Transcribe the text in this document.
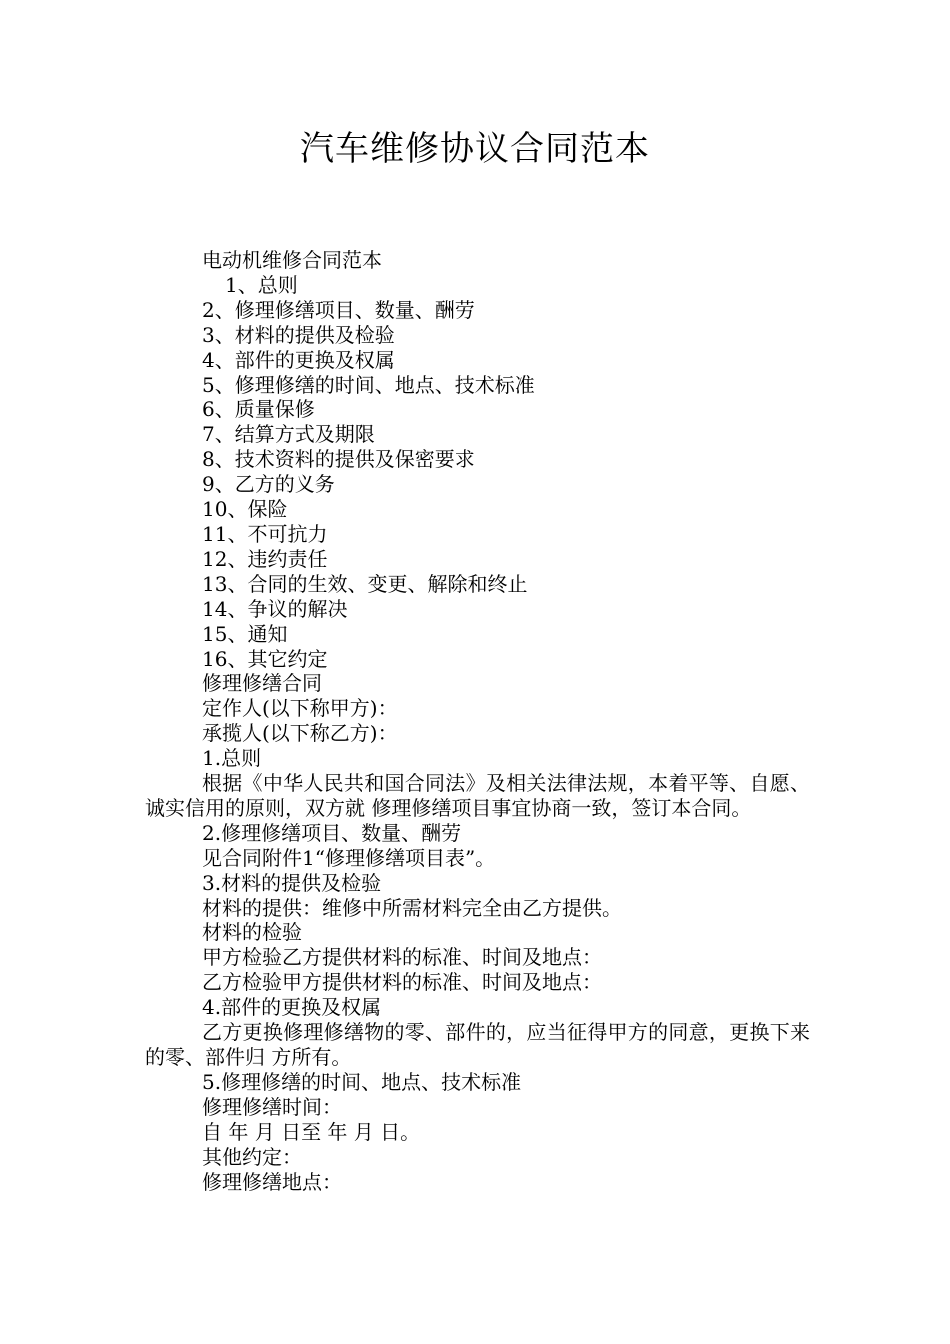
汽车维修协议合同范本

电动机维修合同范本

1、总则

2、修理修缮项目、数量、酬劳

3、材料的提供及检验

4、部件的更换及权属

5、修理修缮的时间、地点、技术标准

6、质量保修

7、结算方式及期限

8、技术资料的提供及保密要求

9、乙方的义务

10、保险

11、不可抗力

12、违约责任

13、合同的生效、变更、解除和终止

14、争议的解决

15、通知

16、其它约定

修理修缮合同

定作人(以下称甲方)：

承揽人(以下称乙方)：

1.总则

根据《中华人民共和国合同法》及相关法律法规，本着平等、自愿、诚实信用的原则，双方就 修理修缮项目事宜协商一致，签订本合同。

2.修理修缮项目、数量、酬劳

见合同附件1“修理修缮项目表”。

3.材料的提供及检验

材料的提供：维修中所需材料完全由乙方提供。

材料的检验

甲方检验乙方提供材料的标准、时间及地点：

乙方检验甲方提供材料的标准、时间及地点：

4.部件的更换及权属

乙方更换修理修缮物的零、部件的，应当征得甲方的同意，更换下来的零、部件归 方所有。

5.修理修缮的时间、地点、技术标准

修理修缮时间：

自 年 月 日至 年 月 日。

其他约定：

修理修缮地点：
